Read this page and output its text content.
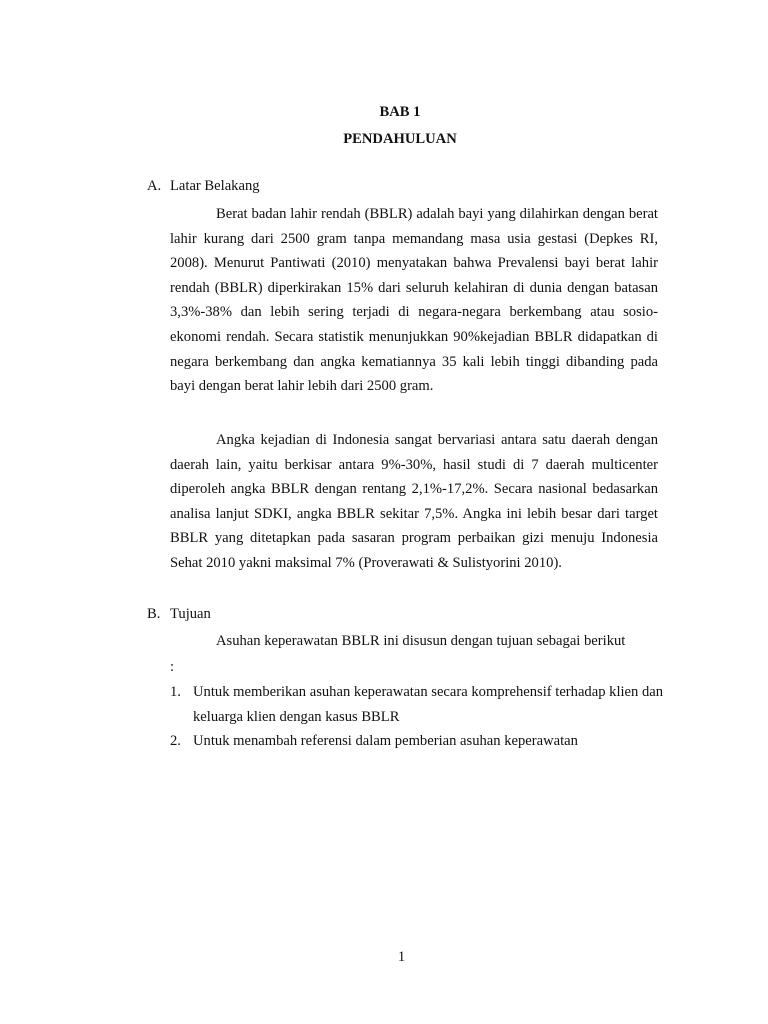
BAB 1
PENDAHULUAN
A. Latar Belakang

Berat badan lahir rendah (BBLR) adalah bayi yang dilahirkan dengan berat lahir kurang dari 2500 gram tanpa memandang masa usia gestasi (Depkes RI, 2008). Menurut Pantiwati (2010) menyatakan bahwa Prevalensi bayi berat lahir rendah (BBLR) diperkirakan 15% dari seluruh kelahiran di dunia dengan batasan 3,3%-38% dan lebih sering terjadi di negara-negara berkembang atau sosio-ekonomi rendah. Secara statistik menunjukkan 90%kejadian BBLR didapatkan di negara berkembang dan angka kematiannya 35 kali lebih tinggi dibanding pada bayi dengan berat lahir lebih dari 2500 gram.

Angka kejadian di Indonesia sangat bervariasi antara satu daerah dengan daerah lain, yaitu berkisar antara 9%-30%, hasil studi di 7 daerah multicenter diperoleh angka BBLR dengan rentang 2,1%-17,2%. Secara nasional bedasarkan analisa lanjut SDKI, angka BBLR sekitar 7,5%. Angka ini lebih besar dari target BBLR yang ditetapkan pada sasaran program perbaikan gizi menuju Indonesia Sehat 2010 yakni maksimal 7% (Proverawati & Sulistyorini 2010).

B. Tujuan
Asuhan keperawatan BBLR ini disusun dengan tujuan sebagai berikut
:
1. Untuk memberikan asuhan keperawatan secara komprehensif terhadap klien dan keluarga klien dengan kasus BBLR
2. Untuk menambah referensi dalam pemberian asuhan keperawatan
1
